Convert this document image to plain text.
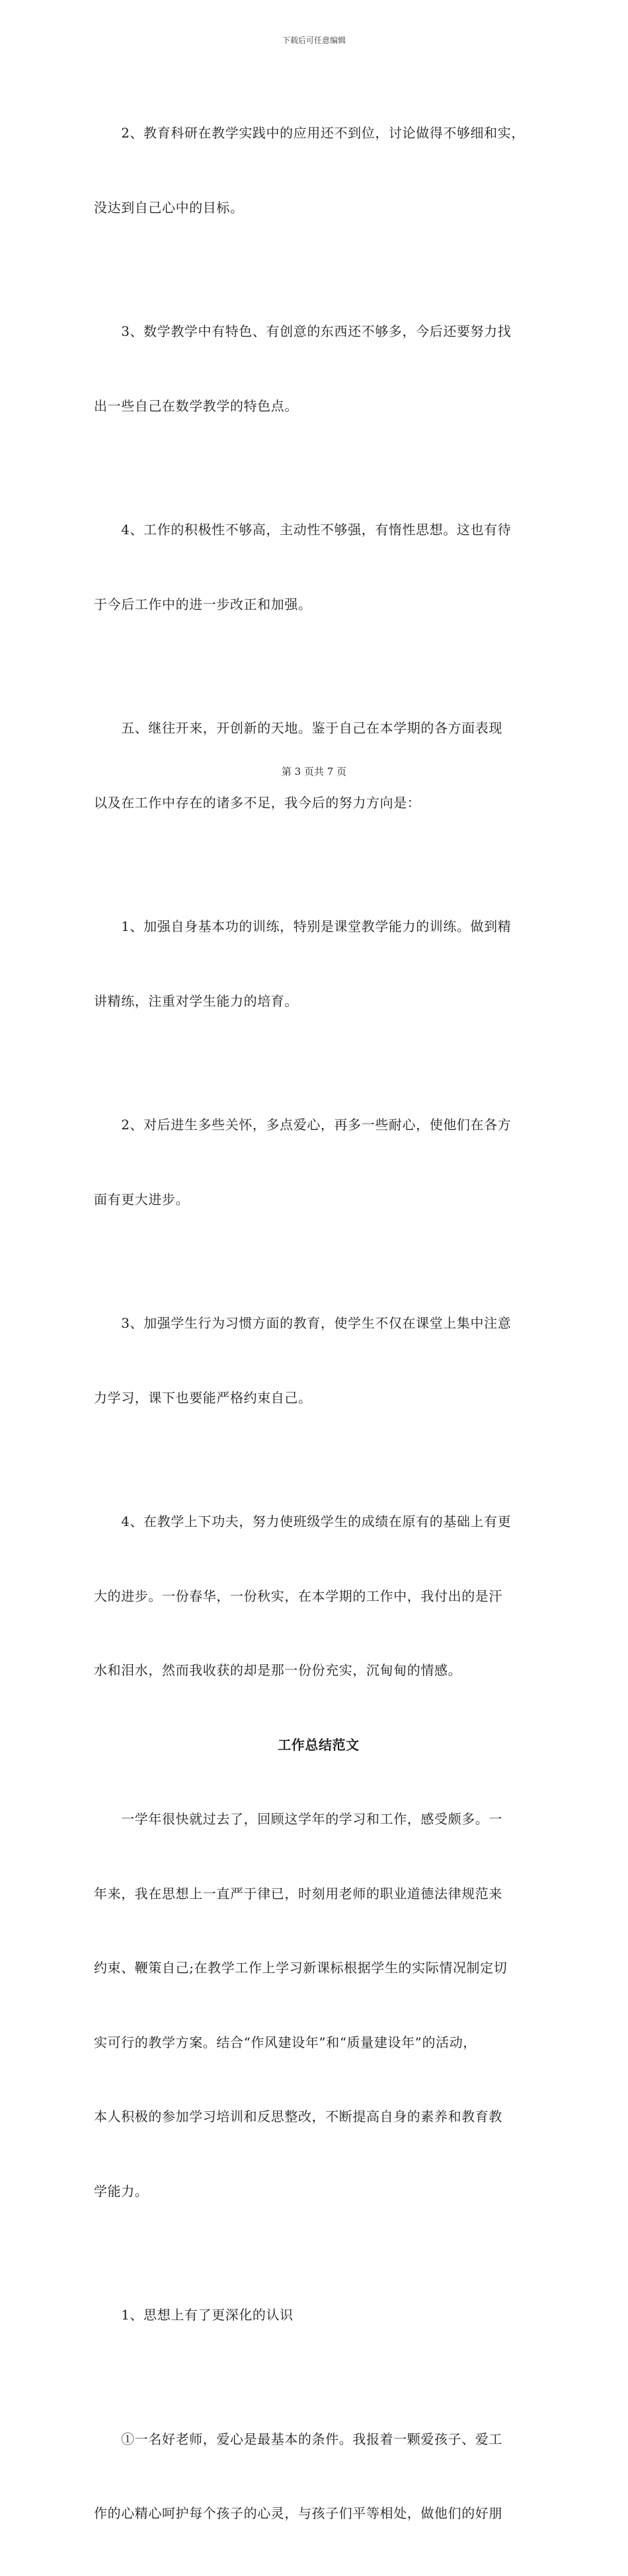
下载后可任意编辑

　　2、教育科研在教学实践中的应用还不到位，讨论做得不够细和实，

没达到自己心中的目标。

　　3、数学教学中有特色、有创意的东西还不够多，今后还要努力找

出一些自己在数学教学的特色点。

　　4、工作的积极性不够高，主动性不够强，有惰性思想。这也有待

于今后工作中的进一步改正和加强。

　　五、继往开来，开创新的天地。鉴于自己在本学期的各方面表现

以及在工作中存在的诸多不足，我今后的努力方向是：

　　1、加强自身基本功的训练，特别是课堂教学能力的训练。做到精

讲精练，注重对学生能力的培育。

　　2、对后进生多些关怀，多点爱心，再多一些耐心，使他们在各方

面有更大进步。

　　3、加强学生行为习惯方面的教育，使学生不仅在课堂上集中注意

力学习，课下也要能严格约束自己。

　　4、在教学上下功夫，努力使班级学生的成绩在原有的基础上有更

大的进步。一份春华，一份秋实，在本学期的工作中，我付出的是汗

水和泪水，然而我收获的却是那一份份充实，沉甸甸的情感。

工作总结范文

　　一学年很快就过去了，回顾这学年的学习和工作，感受颇多。一

年来，我在思想上一直严于律已，时刻用老师的职业道德法律规范来

约束、鞭策自己;在教学工作上学习新课标根据学生的实际情况制定切

实可行的教学方案。结合“作风建设年”和“质量建设年”的活动，

本人积极的参加学习培训和反思整改，不断提高自身的素养和教育教

学能力。

　　1、思想上有了更深化的认识

　　①一名好老师，爱心是最基本的条件。我报着一颗爱孩子、爱工

作的心精心呵护每个孩子的心灵，与孩子们平等相处，做他们的好朋

第 3 页共 7 页
